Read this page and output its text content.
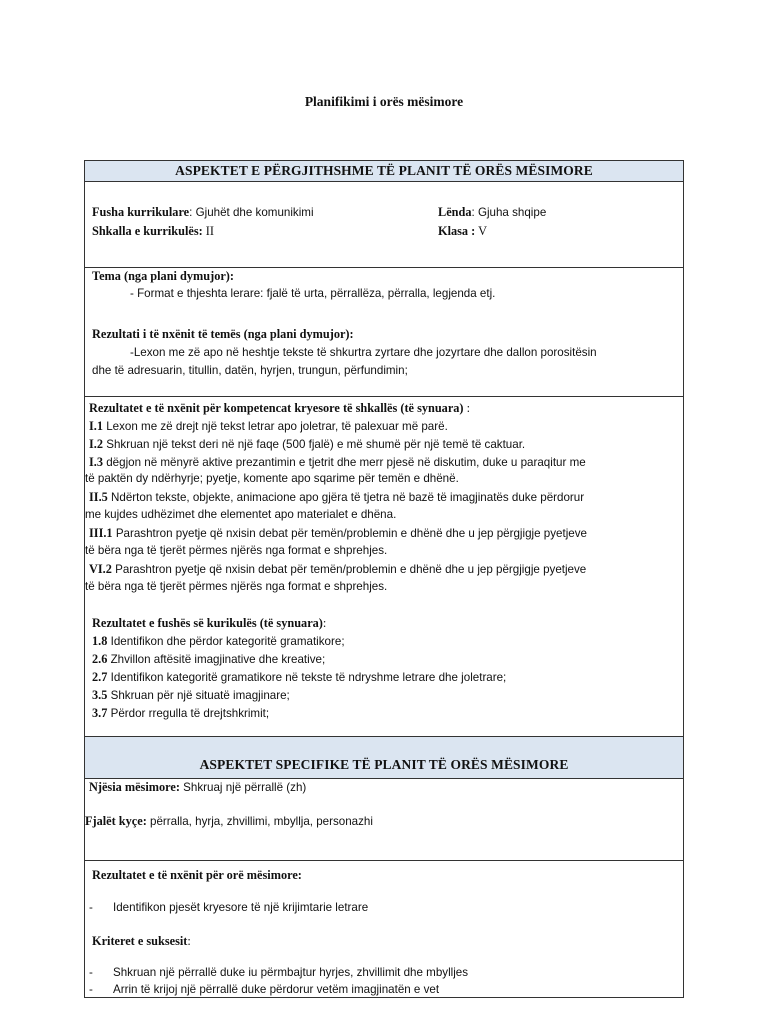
Planifikimi i orës mësimore
ASPEKTET E PËRGJITHSHME TË PLANIT TË ORËS MËSIMORE
Fusha kurrikulare: Gjuhët dhe komunikimi
Shkalla e kurrikulës: II
Lënda: Gjuha shqipe
Klasa : V
Tema (nga plani dymujor):
- Format e thjeshta lerare: fjalë të urta, përrallëza, përralla, legjenda etj.
Rezultati i të nxënit të temës (nga plani dymujor):
-Lexon me zë apo në heshtje tekste të shkurtra zyrtare dhe jozyrtare dhe dallon porositësin
dhe të adresuarin, titullin, datën, hyrjen, trungun, përfundimin;
Rezultatet e të nxënit për kompetencat kryesore të shkallës (të synuara) :
I.1 Lexon me zë drejt një tekst letrar apo joletrar, të palexuar më parë.
I.2 Shkruan një tekst deri në një faqe (500 fjalë) e më shumë për një temë të caktuar.
I.3 dëgjon në mënyrë aktive prezantimin e tjetrit dhe merr pjesë në diskutim, duke u paraqitur me
të paktën dy ndërhyrje; pyetje, komente apo sqarime për temën e dhënë.
II.5 Ndërton tekste, objekte, animacione apo gjëra të tjetra në bazë të imagjinatës duke përdorur
me kujdes udhëzimet dhe elementet apo materialet e dhëna.
III.1 Parashtron pyetje që nxisin debat për temën/problemin e dhënë dhe u jep përgjigje pyetjeve
të bëra nga të tjerët përmes njërës nga format e shprehjes.
VI.2 Parashtron pyetje që nxisin debat për temën/problemin e dhënë dhe u jep përgjigje pyetjeve
të bëra nga të tjerët përmes njërës nga format e shprehjes.
Rezultatet e fushës së kurikulës (të synuara):
1.8 Identifikon dhe përdor kategoritë gramatikore;
2.6 Zhvillon aftësitë imagjinative dhe kreative;
2.7 Identifikon kategoritë gramatikore në tekste të ndryshme letrare dhe joletrare;
3.5 Shkruan për një situatë imagjinare;
3.7 Përdor rregulla të drejtshkrimit;
ASPEKTET SPECIFIKE TË PLANIT TË ORËS MËSIMORE
Njësia mësimore: Shkruaj një përrallë (zh)
Fjalët kyçe: përralla, hyrja, zhvillimi, mbyllja, personazhi
Rezultatet e të nxënit për orë mësimore:
- Identifikon pjesët kryesore të një krijimtarie letrare
Kriteret e suksesit:
- Shkruan një përrallë duke iu përmbajtur hyrjes, zhvillimit dhe mbylljes
- Arrin të krijoj një përrallë duke përdorur vetëm imagjinatën e vet
